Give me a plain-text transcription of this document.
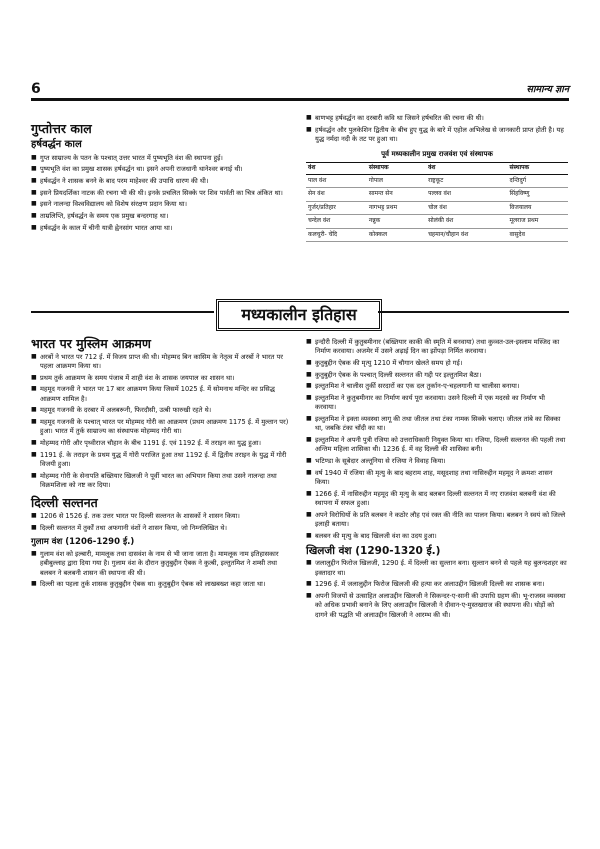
6	सामान्य ज्ञान
गुप्तोत्तर काल
हर्षवर्द्धन काल
■ गुप्त साम्राज्य के पतन के पश्चात् उत्तर भारत में पुष्यभूति वंश की स्थापना हुई।
■ पुष्यभूति वंश का प्रमुख शासक हर्षवर्द्धन था। इसने अपनी राजधानी थानेश्वर बनाई थी।
■ हर्षवर्द्धन ने शासक बनने के बाद परम माहेश्वर की उपाधि धारण की थी।
■ इसने प्रियदर्शिका नाटक की रचना भी की थी। इनके प्रचलित सिक्के पर शिव पार्वती का चित्र अंकित था।
■ इसने नालन्दा विश्वविद्यालय को विशेष संरक्षण प्रदान किया था।
■ ताम्रलिप्ति, हर्षवर्द्धन के समय एक प्रमुख बन्दरगाह था।
■ हर्षवर्द्धन के काल में चीनी यात्री ह्वेनसांग भारत आया था।
■ बाणभट्ट हर्षवर्द्धन का दरबारी कवि था जिसने हर्षचरित की रचना की थी।
■ हर्षवर्द्धन और पुलकेशिन द्वितीय के बीच हुए युद्ध के बारे में एहोल अभिलेख से जानकारी प्राप्त होती है। यह युद्ध नर्मदा नदी के तट पर हुआ था।
पूर्व मध्यकालीन प्रमुख राजवंश एवं संस्थापक
वंश	संस्थापक	वंश	संस्थापक
पाल वंश	गोपाल	राष्ट्रकूट	दन्तिदुर्ग
सेन वंश	सामन्त सेन	पल्लव वंश	सिंहविष्णु
गुर्जर/प्रतिहार	नागभट्ट प्रथम	चोल वंश	विजयालय
चन्देल वंश	नन्नुक	सोलंकी वंश	मूलराज प्रथम
कलचुरी- चेदि	कोक्कल	चहमान/चौहान वंश	वासुदेव
मध्यकालीन इतिहास
भारत पर मुस्लिम आक्रमण
■ अरबों ने भारत पर 712 ई. में विजय प्राप्त की थी। मोहम्मद बिन कासिम के नेतृत्व में अरबों ने भारत पर पहला आक्रमण किया था।
■ प्रथम तुर्क आक्रमण के समय पंजाब में शाही वंश के शासक जयपाल का शासन था।
■ महमूद गजनवी ने भारत पर 17 बार आक्रमण किया जिसमें 1025 ई. में सोमनाथ मन्दिर का प्रसिद्ध आक्रमण शामिल है।
■ महमूद गजनवी के दरबार में अलबरूनी, फिरदौसी, उत्बी फारुखी रहते थे।
■ महमूद गजनवी के पश्चात् भारत पर मोहम्मद गोरी का आक्रमण (प्रथम आक्रमण 1175 ई. में मुल्तान पर) हुआ। भारत में तुर्क साम्राज्य का संस्थापक मोहम्मद गोरी था।
■ मोहम्मद गोरी और पृथ्वीराज चौहान के बीच 1191 ई. एवं 1192 ई. में तराइन का युद्ध हुआ।
■ 1191 ई. के तराइन के प्रथम युद्ध में गोरी पराजित हुआ तथा 1192 ई. में द्वितीय तराइन के युद्ध में गोरी विजयी हुआ।
■ मोहम्मद गोरी के सेनापति बख्तियार खिलजी ने पूर्वी भारत का अभियान किया तथा उसने नालन्दा तथा विक्रमशिला को नष्ट कर दिया।
दिल्ली सल्तनत
■ 1206 से 1526 ई. तक उत्तर भारत पर दिल्ली सल्तनत के शासकों ने शासन किया।
■ दिल्ली सल्तनत में तुर्कों तथा अफगानी वंशों ने शासन किया, जो निम्नलिखित थे।
गुलाम वंश (1206-1290 ई.)
■ गुलाम वंश को इल्बारी, मामलूक तथा दासवंश के नाम से भी जाना जाता है। मामलूक नाम इतिहासकार हबीबुल्लाह द्वारा दिया गया है। गुलाम वंश के दौरान कुतुबुद्दीन ऐबक ने कुत्बी, इल्तुतमिश ने शम्सी तथा बलबन ने बलबनी शासन की स्थापना की थी।
■ दिल्ली का पहला तुर्क शासक कुतुबुद्दीन ऐबक था। कुतुबुद्दीन ऐबक को लाखबख्श कहा जाता था।
■ इन्दौरी दिल्ली में कुतुबमीनार (बख्तियार काकी की स्मृति में बनवाया) तथा कुव्वत-उल-इस्लाम मस्जिद का निर्माण करवाया। अजमेर में उसने अढ़ाई दिन का झोंपड़ा निर्मित करवाया।
■ कुतुबुद्दीन ऐबक की मृत्यु 1210 में चौगान खेलते समय हो गई।
■ कुतुबुद्दीन ऐबक के पश्चात् दिल्ली सल्तनत की गद्दी पर इल्तुतमिश बैठा।
■ इल्तुतमिश ने चालीस तुर्की सरदारों का एक दल तुर्कान-ए-चहलगानी या चालीसा बनाया।
■ इल्तुतमिश ने कुतुबमीनार का निर्माण कार्य पूरा करवाया। उसने दिल्ली में एक मदरसे का निर्माण भी करवाया।
■ इल्तुतमिश ने इक्ता व्यवस्था लागू की तथा जीतल तथा टंका नामक सिक्के चलाए। जीतल तांबे का सिक्का था, जबकि टंका चाँदी का था।
■ इल्तुतमिश ने अपनी पुत्री रजिया को उत्तराधिकारी नियुक्त किया था। रजिया, दिल्ली सल्तनत की पहली तथा अन्तिम महिला शासिका थी। 1236 ई. में वह दिल्ली की शासिका बनी।
■ भटिण्डा के सूबेदार अल्तूनिया से रजिया ने विवाह किया।
■ वर्ष 1940 में रजिया की मृत्यु के बाद बहराम शाह, मसूदशाह तथा नासिरुद्दीन महमूद ने क्रमशः शासन किया।
■ 1266 ई. में नासिरुद्दीन महमूद की मृत्यु के बाद बलबन दिल्ली सल्तनत में नए राजवंश बलबनी वंश की स्थापना में सफल हुआ।
■ अपने विरोधियों के प्रति बलबन ने कठोर लौह एवं रक्त की नीति का पालन किया। बलबन ने स्वयं को जिल्ले इलाही बताया।
■ बलबन की मृत्यु के बाद खिलजी वंश का उदय हुआ।
खिलजी वंश (1290-1320 ई.)
■ जलालुद्दीन फिरोज खिलजी, 1290 ई. में दिल्ली का सुल्तान बना। सुल्तान बनने से पहले यह बुलन्दशहर का इक्तादार था।
■ 1296 ई. में जलालुद्दीन फिरोज खिलजी की हत्या कर अलाउद्दीन खिलजी दिल्ली का शासक बना।
■ अपनी विजयों से उत्साहित अलाउद्दीन खिलजी ने सिकन्दर-ए-सानी की उपाधि ग्रहण की। भू-राजस्व व्यवस्था को अधिक प्रभावी बनाने के लिए अलाउद्दीन खिलजी ने दीवान-ए-मुस्तखराज की स्थापना की। घोड़ों को दागने की पद्धति भी अलाउद्दीन खिलजी ने आरम्भ की थी।
